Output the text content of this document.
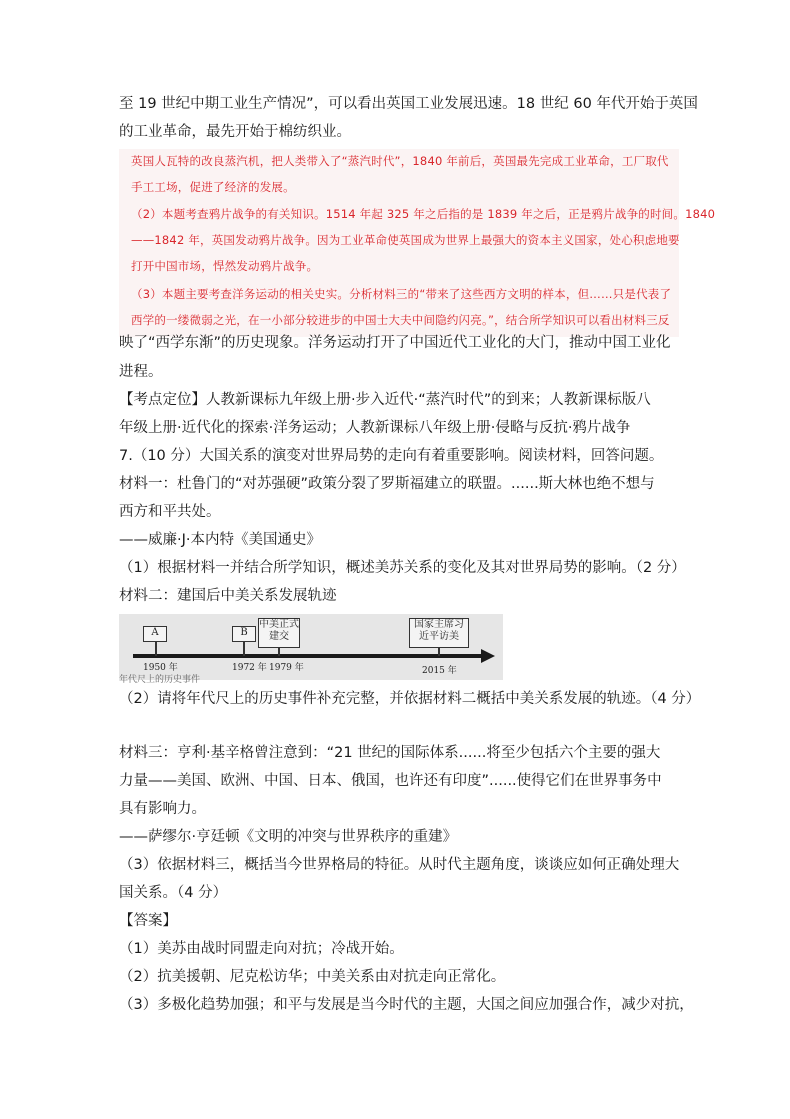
至 19 世纪中期工业生产情况”，可以看出英国工业发展迅速。18 世纪 60 年代开始于英国
的工业革命，最先开始于棉纺织业。
英国人瓦特的改良蒸汽机，把人类带入了“蒸汽时代”，1840 年前后，英国最先完成工业革命，工厂取代
手工工场，促进了经济的发展。
（2）本题考查鸦片战争的有关知识。1514 年起 325 年之后指的是 1839 年之后，正是鸦片战争的时间。1840
——1842 年，英国发动鸦片战争。因为工业革命使英国成为世界上最强大的资本主义国家，处心积虑地要
打开中国市场，悍然发动鸦片战争。
（3）本题主要考查洋务运动的相关史实。分析材料三的“带来了这些西方文明的样本，但……只是代表了
西学的一缕微弱之光，在一小部分较进步的中国士大夫中间隐约闪亮。”，结合所学知识可以看出材料三反
映了“西学东渐”的历史现象。洋务运动打开了中国近代工业化的大门，推动中国工业化
进程。
【考点定位】人教新课标九年级上册·步入近代·“蒸汽时代”的到来；人教新课标版八
年级上册·近代化的探索·洋务运动；人教新课标八年级上册·侵略与反抗·鸦片战争
7.（10 分）大国关系的演变对世界局势的走向有着重要影响。阅读材料，回答问题。
材料一：杜鲁门的“对苏强硬”政策分裂了罗斯福建立的联盟。......斯大林也绝不想与
西方和平共处。
——威廉·J·本内特《美国通史》
（1）根据材料一并结合所学知识，概述美苏关系的变化及其对世界局势的影响。（2 分）
材料二：建国后中美关系发展轨迹
A	B
中美正式建交
国家主席习近平访美
1950 年	1972 年 1979 年	2015 年
年代尺上的历史事件
（2）请将年代尺上的历史事件补充完整，并依据材料二概括中美关系发展的轨迹。（4 分）
材料三：亨利·基辛格曾注意到：“21 世纪的国际体系......将至少包括六个主要的强大
力量——美国、欧洲、中国、日本、俄国，也许还有印度”......使得它们在世界事务中
具有影响力。
——萨缪尔·亨廷顿《文明的冲突与世界秩序的重建》
（3）依据材料三，概括当今世界格局的特征。从时代主题角度，谈谈应如何正确处理大
国关系。（4 分）
【答案】
（1）美苏由战时同盟走向对抗；冷战开始。
（2）抗美援朝、尼克松访华；中美关系由对抗走向正常化。
（3）多极化趋势加强；和平与发展是当今时代的主题，大国之间应加强合作，减少对抗，
